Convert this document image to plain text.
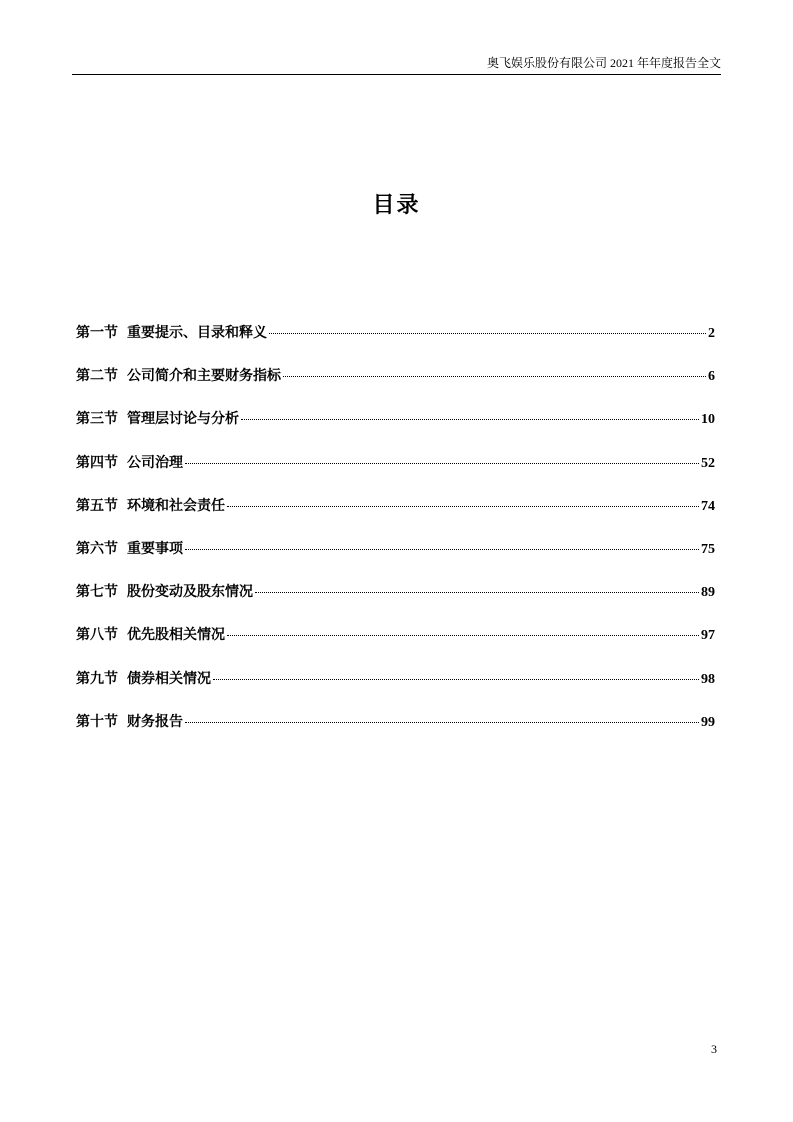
奥飞娱乐股份有限公司 2021 年年度报告全文
目录
第一节 重要提示、目录和释义	2
第二节 公司简介和主要财务指标	6
第三节 管理层讨论与分析	10
第四节 公司治理	52
第五节 环境和社会责任	74
第六节 重要事项	75
第七节 股份变动及股东情况	89
第八节 优先股相关情况	97
第九节 债券相关情况	98
第十节 财务报告	99
3
